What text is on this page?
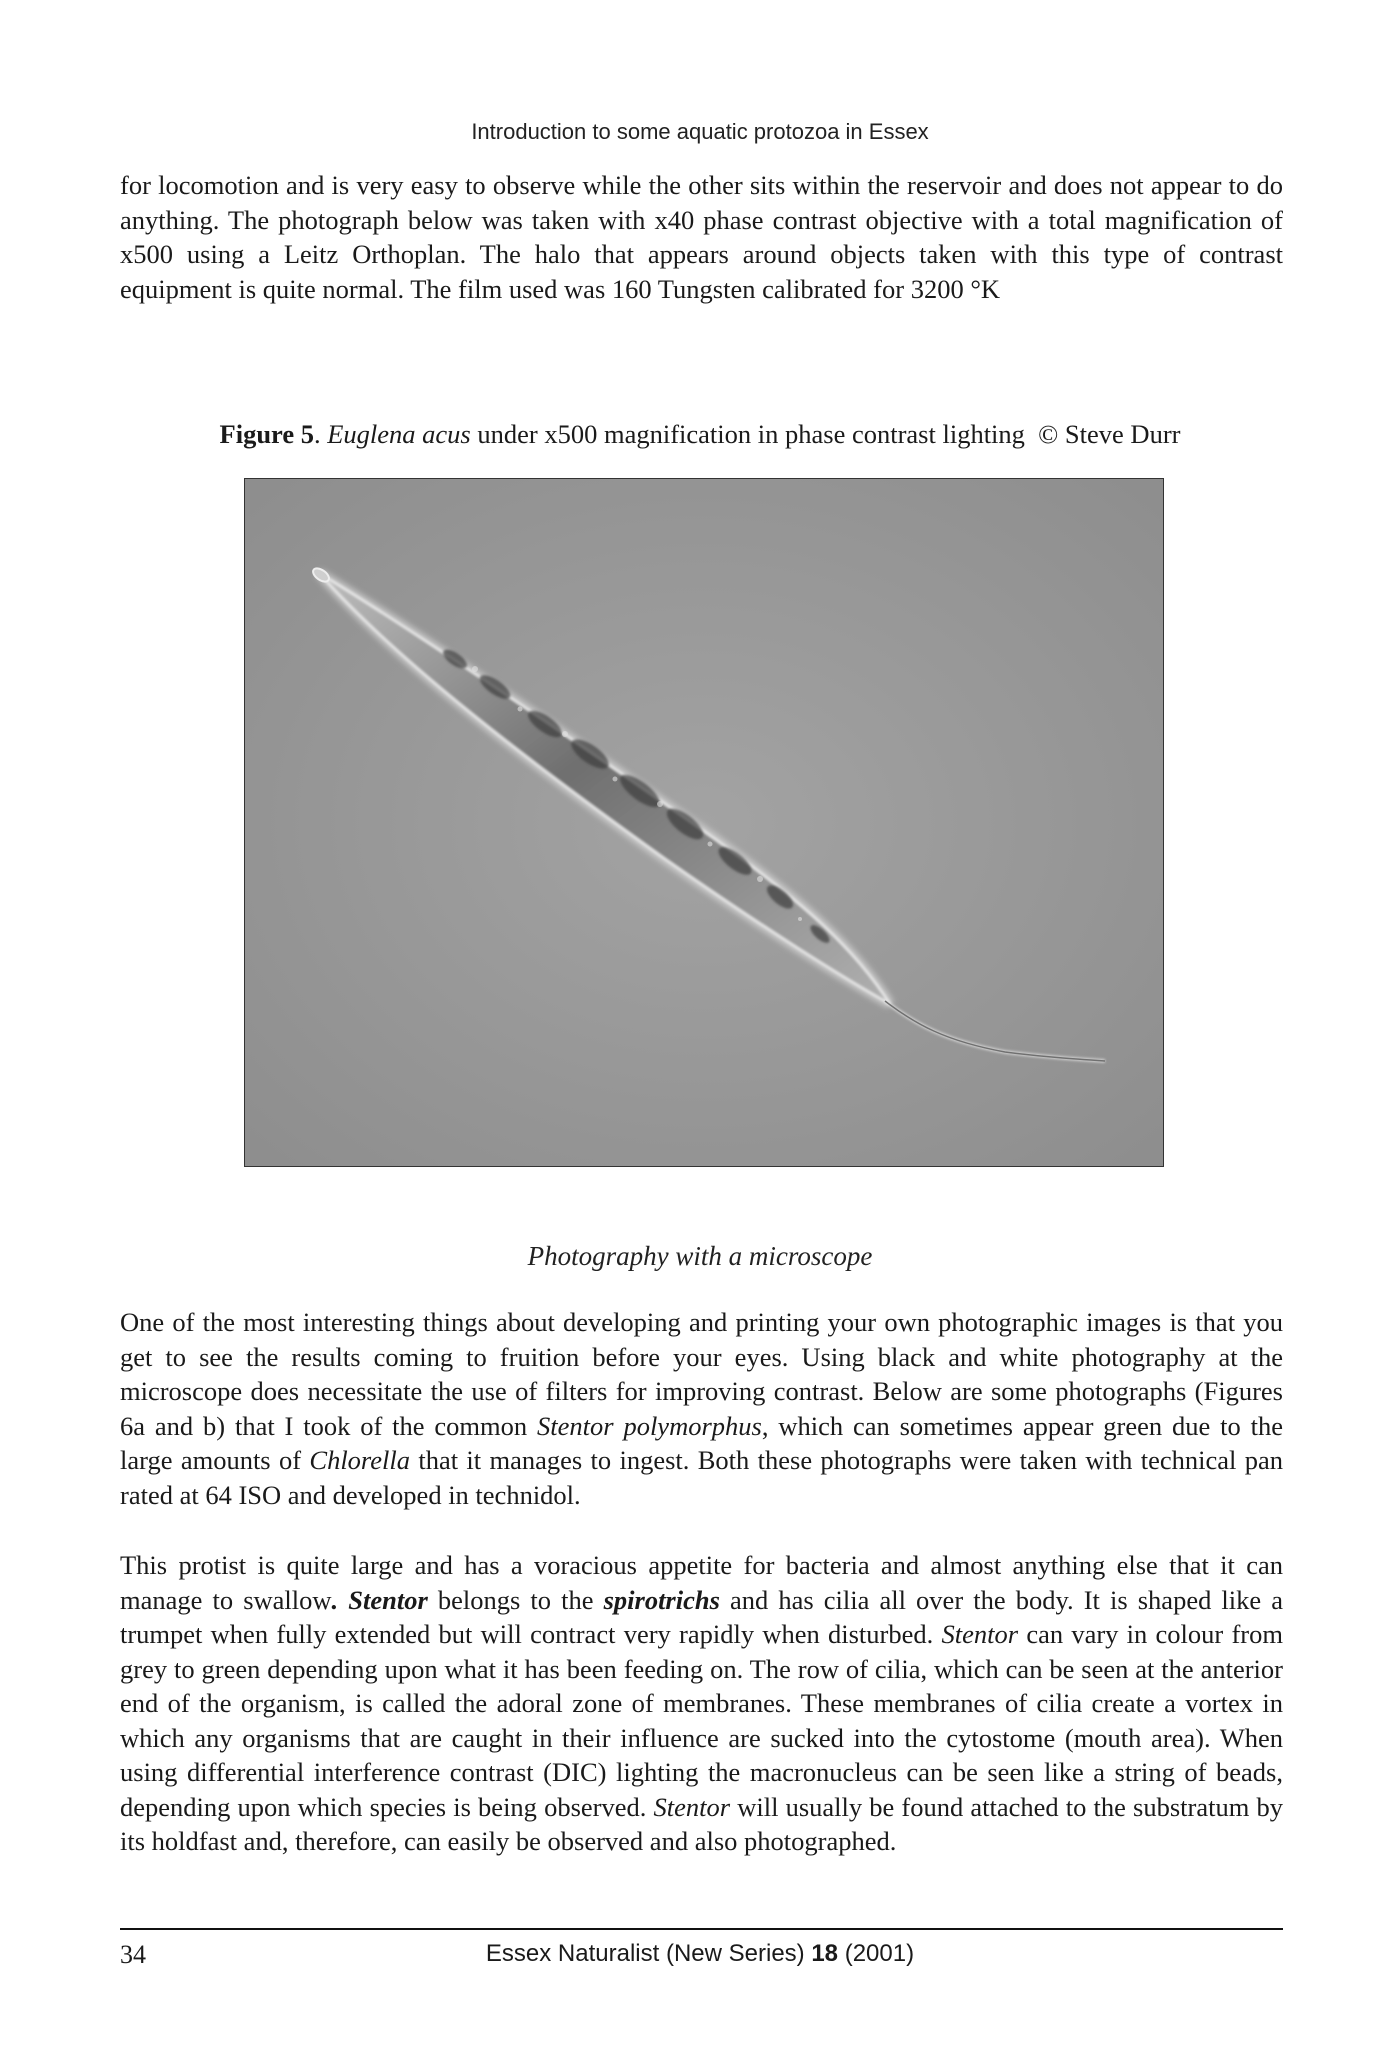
Introduction to some aquatic protozoa in Essex

for locomotion and is very easy to observe while the other sits within the reservoir and does not appear to do anything. The photograph below was taken with x40 phase contrast objective with a total magnification of x500 using a Leitz Orthoplan. The halo that appears around objects taken with this type of contrast equipment is quite normal. The film used was 160 Tungsten calibrated for 3200 °K

Figure 5. Euglena acus under x500 magnification in phase contrast lighting © Steve Durr
Photography with a microscope

One of the most interesting things about developing and printing your own photographic images is that you get to see the results coming to fruition before your eyes. Using black and white photography at the microscope does necessitate the use of filters for improving contrast. Below are some photographs (Figures 6a and b) that I took of the common Stentor polymorphus, which can sometimes appear green due to the large amounts of Chlorella that it manages to ingest. Both these photographs were taken with technical pan rated at 64 ISO and developed in technidol.

This protist is quite large and has a voracious appetite for bacteria and almost anything else that it can manage to swallow. Stentor belongs to the spirotrichs and has cilia all over the body. It is shaped like a trumpet when fully extended but will contract very rapidly when disturbed. Stentor can vary in colour from grey to green depending upon what it has been feeding on. The row of cilia, which can be seen at the anterior end of the organism, is called the adoral zone of membranes. These membranes of cilia create a vortex in which any organisms that are caught in their influence are sucked into the cytostome (mouth area). When using differential interference contrast (DIC) lighting the macronucleus can be seen like a string of beads, depending upon which species is being observed. Stentor will usually be found attached to the substratum by its holdfast and, therefore, can easily be observed and also photographed.

34	Essex Naturalist (New Series) 18 (2001)
